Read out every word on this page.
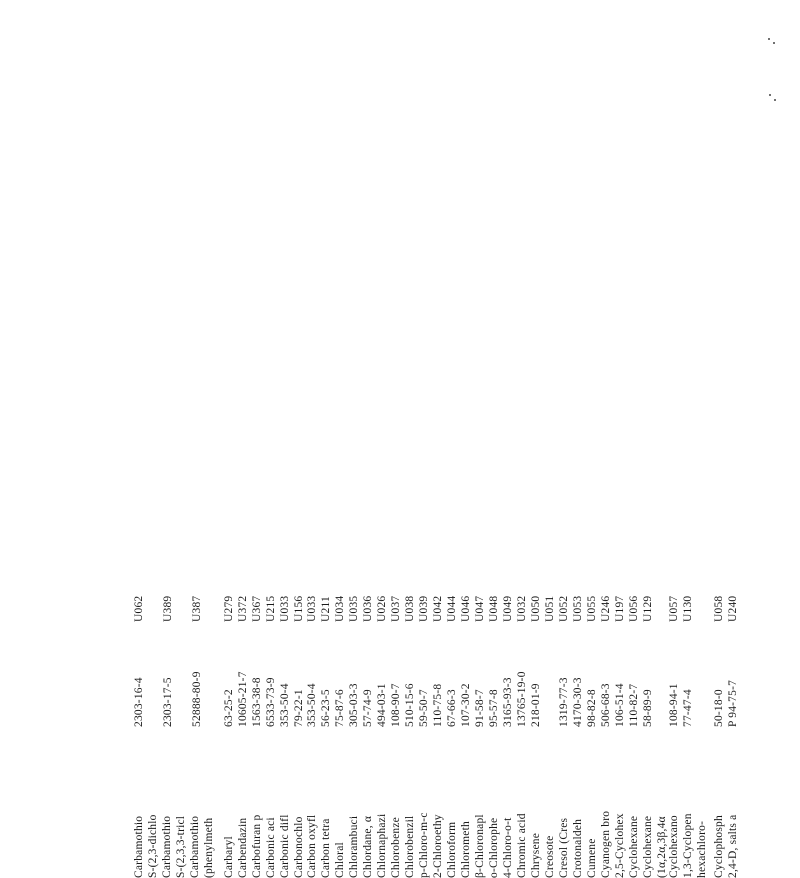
U062 U389 U387 U279 U372 U367 U215 U033 U156 U033 U211 U034 U035 U036 U026 U037 U038 U039 U042 U044 U046 U047 U048 U049 U032 U050 U051 U052 U053 U055 U246 U197 U056 U129 U057 U130 U058 U240
2303-16-4 2303-17-5 52888-80-9 63-25-2 10605-21-7 1563-38-8 6533-73-9 353-50-4 79-22-1 353-50-4 56-23-5 75-87-6 305-03-3 57-74-9 494-03-1 108-90-7 510-15-6 59-50-7 110-75-8 67-66-3 107-30-2 91-58-7 95-57-8 3165-93-3 13765-19-0 218-01-9 1319-77-3 4170-30-3 98-82-8 506-68-3 106-51-4 110-82-7 58-89-9 108-94-1 77-47-4 50-18-0 P 94-75-7
Carbamothio S-(2,3-dichlo Carbamothio S-(2,3,3-tricl Carbamothio (phenylmeth Carbaryl Carbendazin Carbofuran p Carbonic aci Carbonic difl Carbonochlo Carbon oxyfl Carbon tetra Chloral Chlorambuci Chlordane, α Chlornaphazi Chlorobenze Chlorobenzil p-Chloro-m-c 2-Chloroethy Chloroform Chlorometh β-Chloronapl o-Chlorophe 4-Chloro-o-t Chromic acid Chrysene Creosote Cresol (Cres Crotonaldeh Cumene Cyanogen bro 2,5-Cyclohex Cyclohexane Cyclohexane (1α,2α,3β,4α Cyclohexano 1,3-Cyclopen hexachloro- Cyclophosph 2,4-D, salts a
